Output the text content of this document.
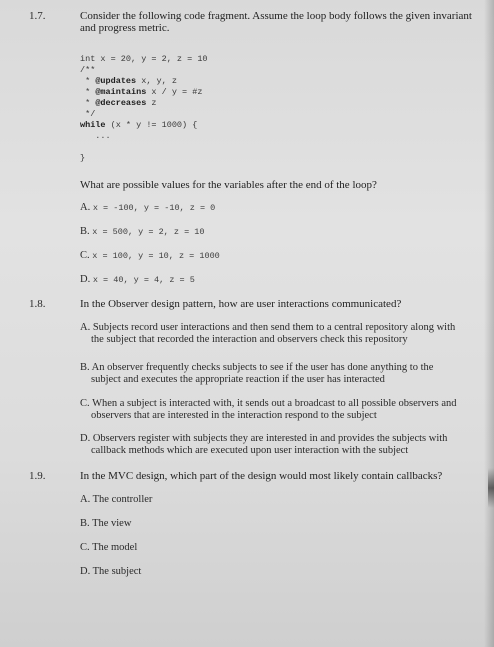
1.7.	Consider the following code fragment. Assume the loop body follows the given invariant
and progress metric.
int x = 20, y = 2, z = 10
/**
* @updates x, y, z
* @maintains x / y = #z
* @decreases z
*/
while (x * y != 1000) {
...

}
What are possible values for the variables after the end of the loop?
A. x = -100, y = -10, z = 0
B. x = 500, y = 2, z = 10
C. x = 100, y = 10, z = 1000
D. x = 40, y = 4, z = 5
1.8.	In the Observer design pattern, how are user interactions communicated?
A. Subjects record user interactions and then send them to a central repository along with
the subject that recorded the interaction and observers check this repository
B. An observer frequently checks subjects to see if the user has done anything to the
subject and executes the appropriate reaction if the user has interacted
C. When a subject is interacted with, it sends out a broadcast to all possible observers and
observers that are interested in the interaction respond to the subject
D. Observers register with subjects they are interested in and provides the subjects with
callback methods which are executed upon user interaction with the subject
1.9.	In the MVC design, which part of the design would most likely contain callbacks?
A. The controller
B. The view
C. The model
D. The subject
